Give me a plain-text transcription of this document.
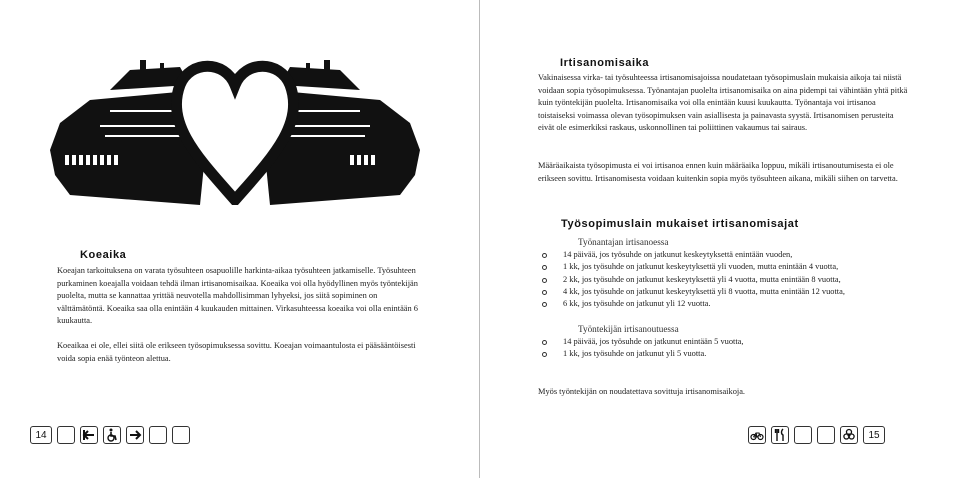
Koeaika

Koeajan tarkoituksena on varata työsuhteen osapuolille harkinta-aikaa työsuhteen jatkamiselle. Työsuhteen purkaminen koeajalla voidaan tehdä ilman irtisanomisaikaa. Koeaika voi olla hyödyllinen myös työntekijän puolelta, mutta se kannattaa yrittää neuvotella mahdollisimman lyhyeksi, jos siitä sopiminen on välttämätöntä. Koeaika saa olla enintään 4 kuukauden mittainen. Virkasuhteessa koeaika voi olla enintään 6 kuukautta.

Koeaikaa ei ole, ellei siitä ole erikseen työsopimuksessa sovittu. Koeajan voimaantulosta ei pääsääntöisesti voida sopia enää työnteon alettua.

14
Irtisanomisaika

Vakinaisessa virka- tai työsuhteessa irtisanomisajoissa noudatetaan työsopimuslain mukaisia aikoja tai niistä voidaan sopia työsopimuksessa. Työnantajan puolelta irtisanomisaika on aina pidempi tai vähintään yhtä pitkä kuin työntekijän puolelta. Irtisanomisaika voi olla enintään kuusi kuukautta. Työnantaja voi irtisanoa toistaiseksi voimassa olevan työsopimuksen vain asiallisesta ja painavasta syystä. Irtisanomisen perusteita eivät ole esimerkiksi raskaus, uskonnollinen tai poliittinen vakaumus tai sairaus.

Määräaikaista työsopimusta ei voi irtisanoa ennen kuin määräaika loppuu, mikäli irtisanoutumisesta ei ole erikseen sovittu. Irtisanomisesta voidaan kuitenkin sopia myös työsuhteen aikana, mikäli siihen on tarvetta.

Työsopimuslain mukaiset irtisanomisajat
Työnantajan irtisanoessa
14 päivää, jos työsuhde on jatkunut keskeytyksettä enintään vuoden,
1 kk, jos työsuhde on jatkunut keskeytyksettä yli vuoden, mutta enintään 4 vuotta,
2 kk, jos työsuhde on jatkunut keskeytyksettä yli 4 vuotta, mutta enintään 8 vuotta,
4 kk, jos työsuhde on jatkunut keskeytyksettä yli 8 vuotta, mutta enintään 12 vuotta,
6 kk, jos työsuhde on jatkunut yli 12 vuotta.
Työntekijän irtisanoutuessa
14 päivää, jos työsuhde on jatkunut enintään 5 vuotta,
1 kk, jos työsuhde on jatkunut yli 5 vuotta.
Myös työntekijän on noudatettava sovittuja irtisanomisaikoja.
15
